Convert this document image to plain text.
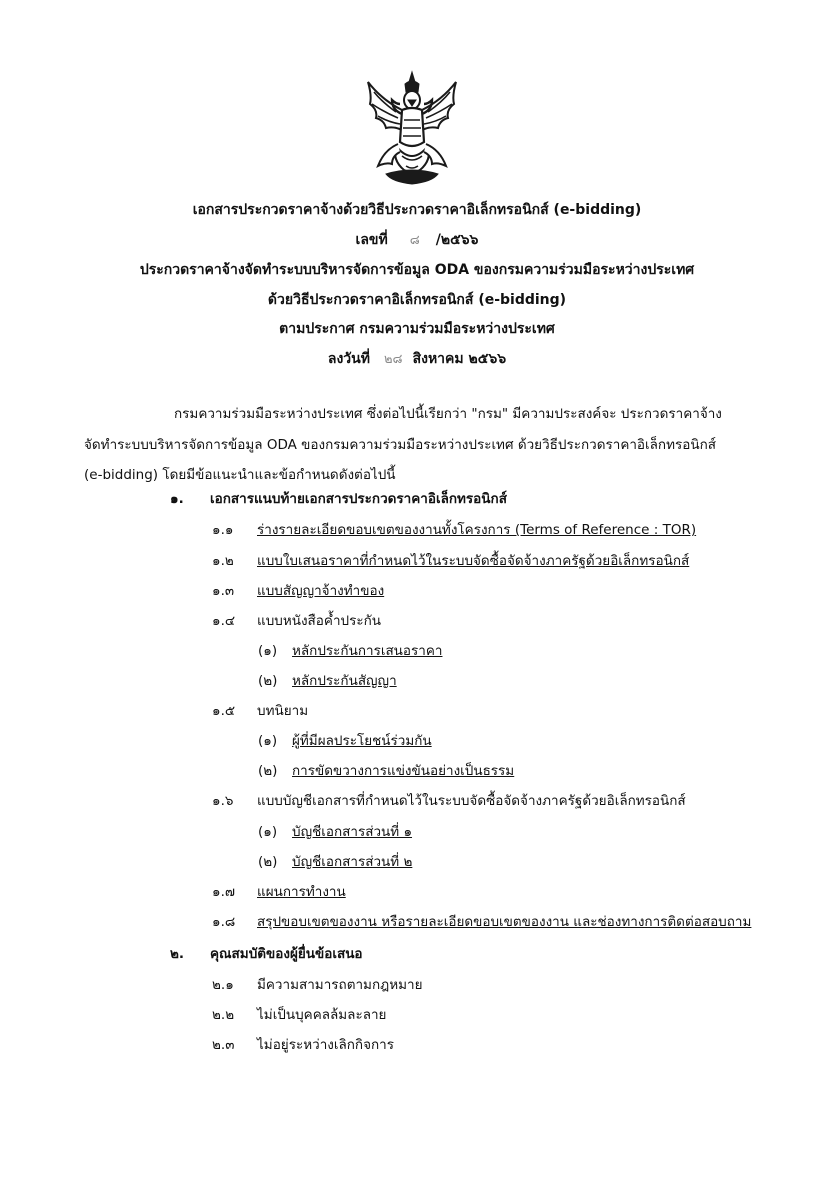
เอกสารประกวดราคาจ้างด้วยวิธีประกวดราคาอิเล็กทรอนิกส์ (e-bidding)
เลขที่ ๘ /๒๕๖๖
ประกวดราคาจ้างจัดทำระบบบริหารจัดการข้อมูล ODA ของกรมความร่วมมือระหว่างประเทศ
ด้วยวิธีประกวดราคาอิเล็กทรอนิกส์ (e-bidding)
ตามประกาศ กรมความร่วมมือระหว่างประเทศ
ลงวันที่ ๒๘ สิงหาคม ๒๕๖๖
กรมความร่วมมือระหว่างประเทศ ซึ่งต่อไปนี้เรียกว่า "กรม" มีความประสงค์จะ ประกวดราคาจ้าง
จัดทำระบบบริหารจัดการข้อมูล ODA ของกรมความร่วมมือระหว่างประเทศ ด้วยวิธีประกวดราคาอิเล็กทรอนิกส์
(e-bidding) โดยมีข้อแนะนำและข้อกำหนดดังต่อไปนี้
๑. เอกสารแนบท้ายเอกสารประกวดราคาอิเล็กทรอนิกส์
๑.๑ ร่างรายละเอียดขอบเขตของงานทั้งโครงการ (Terms of Reference : TOR)
๑.๒ แบบใบเสนอราคาที่กำหนดไว้ในระบบจัดซื้อจัดจ้างภาครัฐด้วยอิเล็กทรอนิกส์
๑.๓ แบบสัญญาจ้างทำของ
๑.๔ แบบหนังสือค้ำประกัน
(๑) หลักประกันการเสนอราคา
(๒) หลักประกันสัญญา
๑.๕ บทนิยาม
(๑) ผู้ที่มีผลประโยชน์ร่วมกัน
(๒) การขัดขวางการแข่งขันอย่างเป็นธรรม
๑.๖ แบบบัญชีเอกสารที่กำหนดไว้ในระบบจัดซื้อจัดจ้างภาครัฐด้วยอิเล็กทรอนิกส์
(๑) บัญชีเอกสารส่วนที่ ๑
(๒) บัญชีเอกสารส่วนที่ ๒
๑.๗ แผนการทำงาน
๑.๘ สรุปขอบเขตของงาน หรือรายละเอียดขอบเขตของงาน และช่องทางการติดต่อสอบถาม
๒. คุณสมบัติของผู้ยื่นข้อเสนอ
๒.๑ มีความสามารถตามกฎหมาย
๒.๒ ไม่เป็นบุคคลล้มละลาย
๒.๓ ไม่อยู่ระหว่างเลิกกิจการ
